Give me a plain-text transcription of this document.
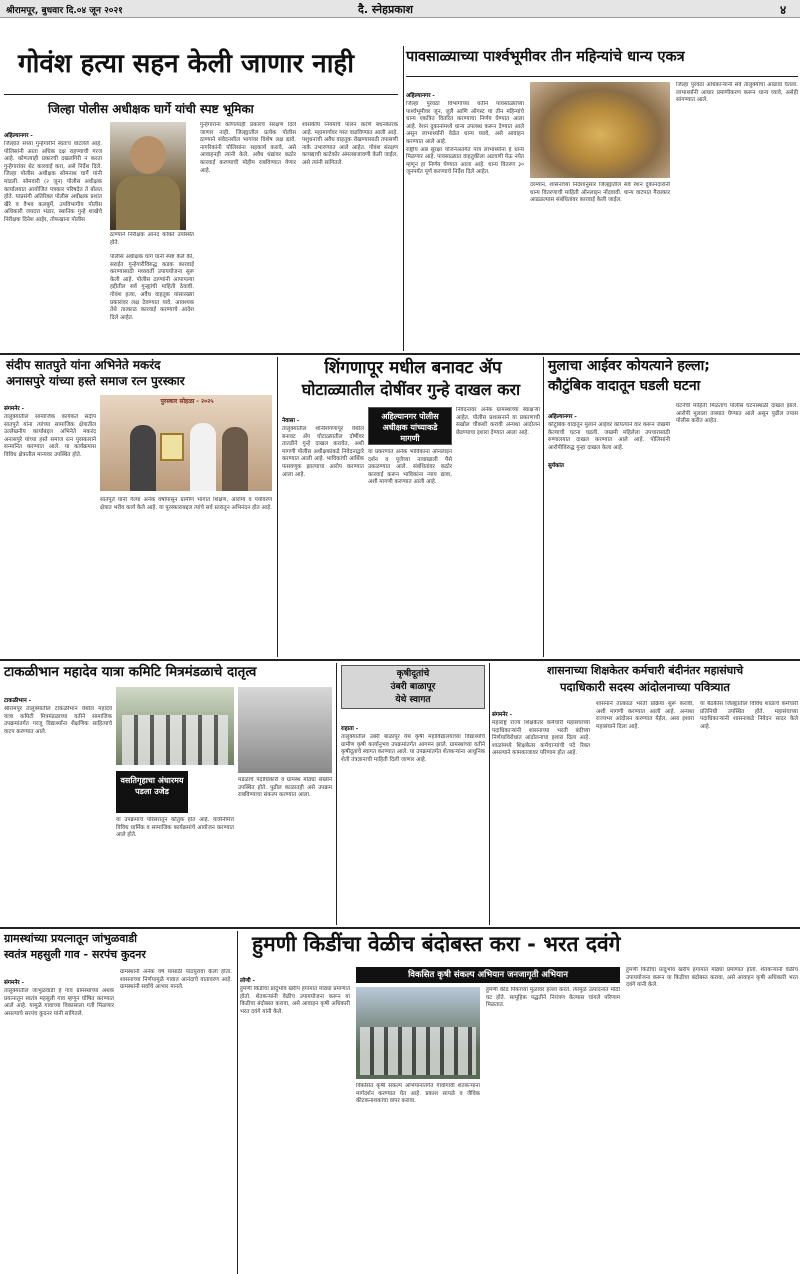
श्रीरामपूर, बुधवार दि.०४ जून २०२१	दै. स्नेहप्रकाश	४
गोवंश हत्या सहन केली जाणार नाही
जिल्हा पोलीस अधीक्षक घार्गे यांची स्पष्ट भूमिका
अहिल्यानगर -
जिल्हात सध्या गुन्हेगारीने स्वतःच वाटलेले आहे. पोलिसांनी आता अधिक दक्ष राहण्याची गरज आहे. कोणत्याही प्रकारची दखलगिरी न करता गुन्हेगारांवर थेट कारवाई करा, असे निर्देश दिले. जिल्हा पोलीस अधीक्षक सोमनाथ घार्गे यांनी मांडली. सोमवारी (२ जून) पोलीस अधीक्षक कार्यालयात आयोजित पत्रकार परिषदेत ते बोलत होते. याप्रसंगी अतिरिक्त पोलीस अधीक्षक प्रशांत खैरे व वैभव कलबुर्मे, उपविभागीय पोलीस अधिकारी जयदत्त भंडार, स्थानिक गुन्हे शाखेचे निरीक्षक दिनेश आहेर, तोफखाना पोलीस
ठाण्याने निरीक्षक आनंद कोकरे उपस्थित होते.
पोलीस अधीक्षक घार्गे यांनी स्पष्ट केले की, सराईत गुन्हेगारीविरुद्ध कडक कारवाई करण्यासाठी मध्यवर्ती उपाययोजना सुरू केली आहे. पोलीस ठाण्यांनी आपापल्या हद्दीतील सर्व गुन्ह्यांची माहिती ठेवावी. गोवंश हत्या, अवैध वाहतूक यांसारख्या प्रकारांवर लक्ष ठेवण्यात यावे. आवश्यक तेथे तात्काळ कारवाई करण्याचे आदेश दिले आहेत.
गुन्हेगारांना कोणत्याही प्रकारचे संरक्षण दिले जाणार नाही. जिल्ह्यातील प्रत्येक पोलीस ठाण्याने संवेदनशील भागांवर विशेष लक्ष द्यावे. नागरिकांनी पोलिसांना सहकार्य करावे, असे आवाहनही त्यांनी केले. अवैध धंद्यांवर कठोर कारवाई करण्याची मोहीम राबविण्यात येणार आहे.
शासकीय नियमांचे पालन करणे बंधनकारक आहे. महामार्गावर गस्त वाढविण्यात आली आहे. पशुधनाची अवैध वाहतूक रोखण्यासाठी तपासणी नाके उभारण्यात आले आहेत. गोवंश संरक्षण कायद्याची काटेकोर अंमलबजावणी केली जाईल, असे त्यांनी सांगितले.
पावसाळ्याच्या पार्श्वभूमीवर तीन महिन्यांचे धान्य एकत्र
अहिल्यानगर -
जिल्हा पुरवठा विभागाच्या वतीने पावसाळ्याच्या पार्श्वभूमीवर जून, जुलै आणि ऑगस्ट या तीन महिन्यांचे धान्य एकत्रित वितरित करण्याचा निर्णय घेण्यात आला आहे. रेशन दुकानांमध्ये धान्य उपलब्ध करून देण्यात आले असून लाभार्थ्यांनी वेळेत धान्य घ्यावे, असे आवाहन करण्यात आले आहे.
राष्ट्रीय अन्न सुरक्षा योजनेअंतर्गत पात्र लाभार्थ्यांना हे धान्य मिळणार आहे. पावसाळ्यात वाहतुकीला अडचणी येऊ नयेत म्हणून हा निर्णय घेण्यात आला आहे. धान्य वितरण ३० जूनपर्यंत पूर्ण करण्याचे निर्देश दिले आहेत.
दरम्यान, शासनाच्या निर्देशानुसार जिल्ह्यातील सर्व रेशन दुकानदारांनी धान्य वितरणाची माहिती ऑनलाइन नोंदवावी. धान्य वाटपात गैरप्रकार आढळल्यास संबंधितांवर कारवाई केली जाईल.
जिल्हा पुरवठा अधिकाऱ्यांनी सर्व तालुक्यांचा आढावा घेतला. लाभार्थ्यांनी आधार प्रमाणीकरण करून धान्य घ्यावे, असेही सांगण्यात आले.
संदीप सातपुते यांना अभिनेते मकरंद
अनासपुरे यांच्या हस्ते समाज रत्न पुरस्कार
संगमनेर -
तालुक्यातील सामाजिक कार्यकर्ते संदीप सातपुते यांना त्यांच्या सामाजिक क्षेत्रातील उल्लेखनीय कार्याबद्दल अभिनेते मकरंद अनासपुरे यांच्या हस्ते समाज रत्न पुरस्काराने सन्मानित करण्यात आले. या कार्यक्रमास विविध क्षेत्रातील मान्यवर उपस्थित होते.
पुरस्कार सोहळा - २०२५
सातपुते यांनी गेल्या अनेक वर्षांपासून ग्रामीण भागात शिक्षण, आरोग्य व पर्यावरण क्षेत्रात भरीव कार्य केले आहे. या पुरस्काराबद्दल त्यांचे सर्व स्तरातून अभिनंदन होत आहे.
शिंगणापूर मधील बनावट ॲप
घोटाळ्यातील दोषींवर गुन्हे दाखल करा
नेवासा -
तालुक्यातील शनिशिंगणापूर येथील बनावट ॲप घोटाळ्यातील दोषींवर तातडीने गुन्हे दाखल करावेत, अशी मागणी पोलीस अधीक्षकांकडे निवेदनाद्वारे करण्यात आली आहे. भाविकांची आर्थिक फसवणूक झाल्याचा आरोप करण्यात आला आहे.
अहिल्यानगर पोलीस अधीक्षक यांच्याकडे मागणी
या प्रकरणात अनेक भाविकांना ऑनलाइन दर्शन व पूजेच्या नावाखाली पैसे उकळण्यात आले. संबंधितांवर कठोर कारवाई करून भाविकांना न्याय द्यावा, अशी मागणी करण्यात आली आहे.
निवेदनावर अनेक ग्रामस्थांच्या स्वाक्षऱ्या आहेत. पोलीस प्रशासनाने या प्रकरणाची सखोल चौकशी करावी अन्यथा आंदोलन छेडण्याचा इशारा देण्यात आला आहे.
मुलाचा आईवर कोयत्याने हल्ला;
कौटुंबिक वादातून घडली घटना
अहिल्यानगर -
कौटुंबिक वादातून मुलाने आईवर कोयत्याने वार करून जखमी केल्याची घटना घडली. जखमी महिलेला उपचारासाठी रुग्णालयात दाखल करण्यात आले आहे. पोलिसांनी आरोपीविरुद्ध गुन्हा दाखल केला आहे.
सुर्यकांत
घटनेची माहिती मिळताच पोलीस घटनास्थळी दाखल झाले. आरोपी मुलाला ताब्यात घेण्यात आले असून पुढील तपास पोलीस करीत आहेत.
टाकळीभान महादेव यात्रा कमिटि मित्रमंडळाचे दातृत्व
टाकळीभान -
श्रीरामपूर तालुक्यातील टाकळीभान येथील महादेव यात्रा कमिटी मित्रमंडळाच्या वतीने सामाजिक उपक्रमांतर्गत गरजू विद्यार्थ्यांना शैक्षणिक साहित्याचे वाटप करण्यात आले.
वसतिगृहाचा अंधारमय पडला उजेड
या उपक्रमाचे परिसरातून कौतुक होत आहे. यात्रेनिमित्त विविध धार्मिक व सामाजिक कार्यक्रमांचे आयोजन करण्यात आले होते.
मंडळाचे पदाधिकारी व ग्रामस्थ मोठ्या संख्येने उपस्थित होते. पुढील काळातही असे उपक्रम राबविण्याचा संकल्प करण्यात आला.
कृषीदूतांचे
उंबरी बाळापूर
येथे स्वागत
राहाता -
तालुक्यातील उंबरी बाळापूर येथे कृषी महाविद्यालयाच्या विद्यार्थ्यांचे ग्रामीण कृषी कार्यानुभव उपक्रमांतर्गत आगमन झाले. ग्रामस्थांच्या वतीने कृषीदूतांचे स्वागत करण्यात आले. या उपक्रमांतर्गत शेतकऱ्यांना आधुनिक शेती तंत्रज्ञानाची माहिती दिली जाणार आहे.
शासनाच्या शिक्षकेतर कर्मचारी बंदीनंतर महासंघाचे
पदाधिकारी सदस्य आंदोलनाच्या पवित्र्यात
संगमनेर -
महाराष्ट्र राज्य शिक्षकेतर कर्मचारी महासंघाच्या पदाधिकाऱ्यांनी शासनाच्या भरती बंदीच्या निर्णयाविरोधात आंदोलनाचा इशारा दिला आहे. शाळांमध्ये शिक्षकेतर कर्मचाऱ्यांची पदे रिक्त असल्याने कामकाजावर परिणाम होत आहे.
शासनाने तात्काळ भरती प्रक्रिया सुरू करावी, अशी मागणी करण्यात आली आहे. अन्यथा राज्यभर आंदोलन करण्यात येईल, असा इशारा महासंघाने दिला आहे.
या बैठकीस जिल्ह्यातील विविध शाळांचे कर्मचारी प्रतिनिधी उपस्थित होते. महासंघाच्या पदाधिकाऱ्यांनी शासनाकडे निवेदन सादर केले आहे.
ग्रामस्थांच्या प्रयत्नातून जांभुळवाडी
स्वतंत्र महसुली गाव - सरपंच कुदनर
संगमनेर -
तालुक्यातील जांभुळवाडी हे गाव ग्रामस्थांच्या अथक प्रयत्नातून स्वतंत्र महसुली गाव म्हणून घोषित करण्यात आले आहे. यामुळे गावाच्या विकासाला गती मिळणार असल्याचे सरपंच कुदनर यांनी सांगितले.
ग्रामस्थांनी अनेक वर्षे यासाठी पाठपुरावा केला होता. शासनाच्या निर्णयामुळे गावात आनंदाचे वातावरण आहे. ग्रामस्थांनी सर्वांचे आभार मानले.
हुमणी किडींचा वेळीच बंदोबस्त करा - भरत दवंगे
लोणी -
हुमणी किडीचा प्रादुर्भाव खरीप हंगामात मोठ्या प्रमाणात होतो. शेतकऱ्यांनी वेळीच उपाययोजना करून या किडीचा बंदोबस्त करावा, असे आवाहन कृषी अधिकारी भरत दवंगे यांनी केले.
विकसित कृषी संकल्प अभियान जनजागृती अभियान
विकसित कृषी संकल्प अभियानांतर्गत गावोगावी शेतकऱ्यांना मार्गदर्शन करण्यात येत आहे. प्रकाश सापळे व जैविक कीटकनाशकांचा वापर करावा.
हुमणी कीड पिकांच्या मुळांवर हल्ला करते. त्यामुळे उत्पादनात मोठी घट होते. सामूहिक पद्धतीने नियंत्रण केल्यास चांगले परिणाम मिळतात.
हुमणी किडीचा प्रादुर्भाव खरीप हंगामात मोठ्या प्रमाणात होतो. शेतकऱ्यांनी वेळीच उपाययोजना करून या किडीचा बंदोबस्त करावा, असे आवाहन कृषी अधिकारी भरत दवंगे यांनी केले.
